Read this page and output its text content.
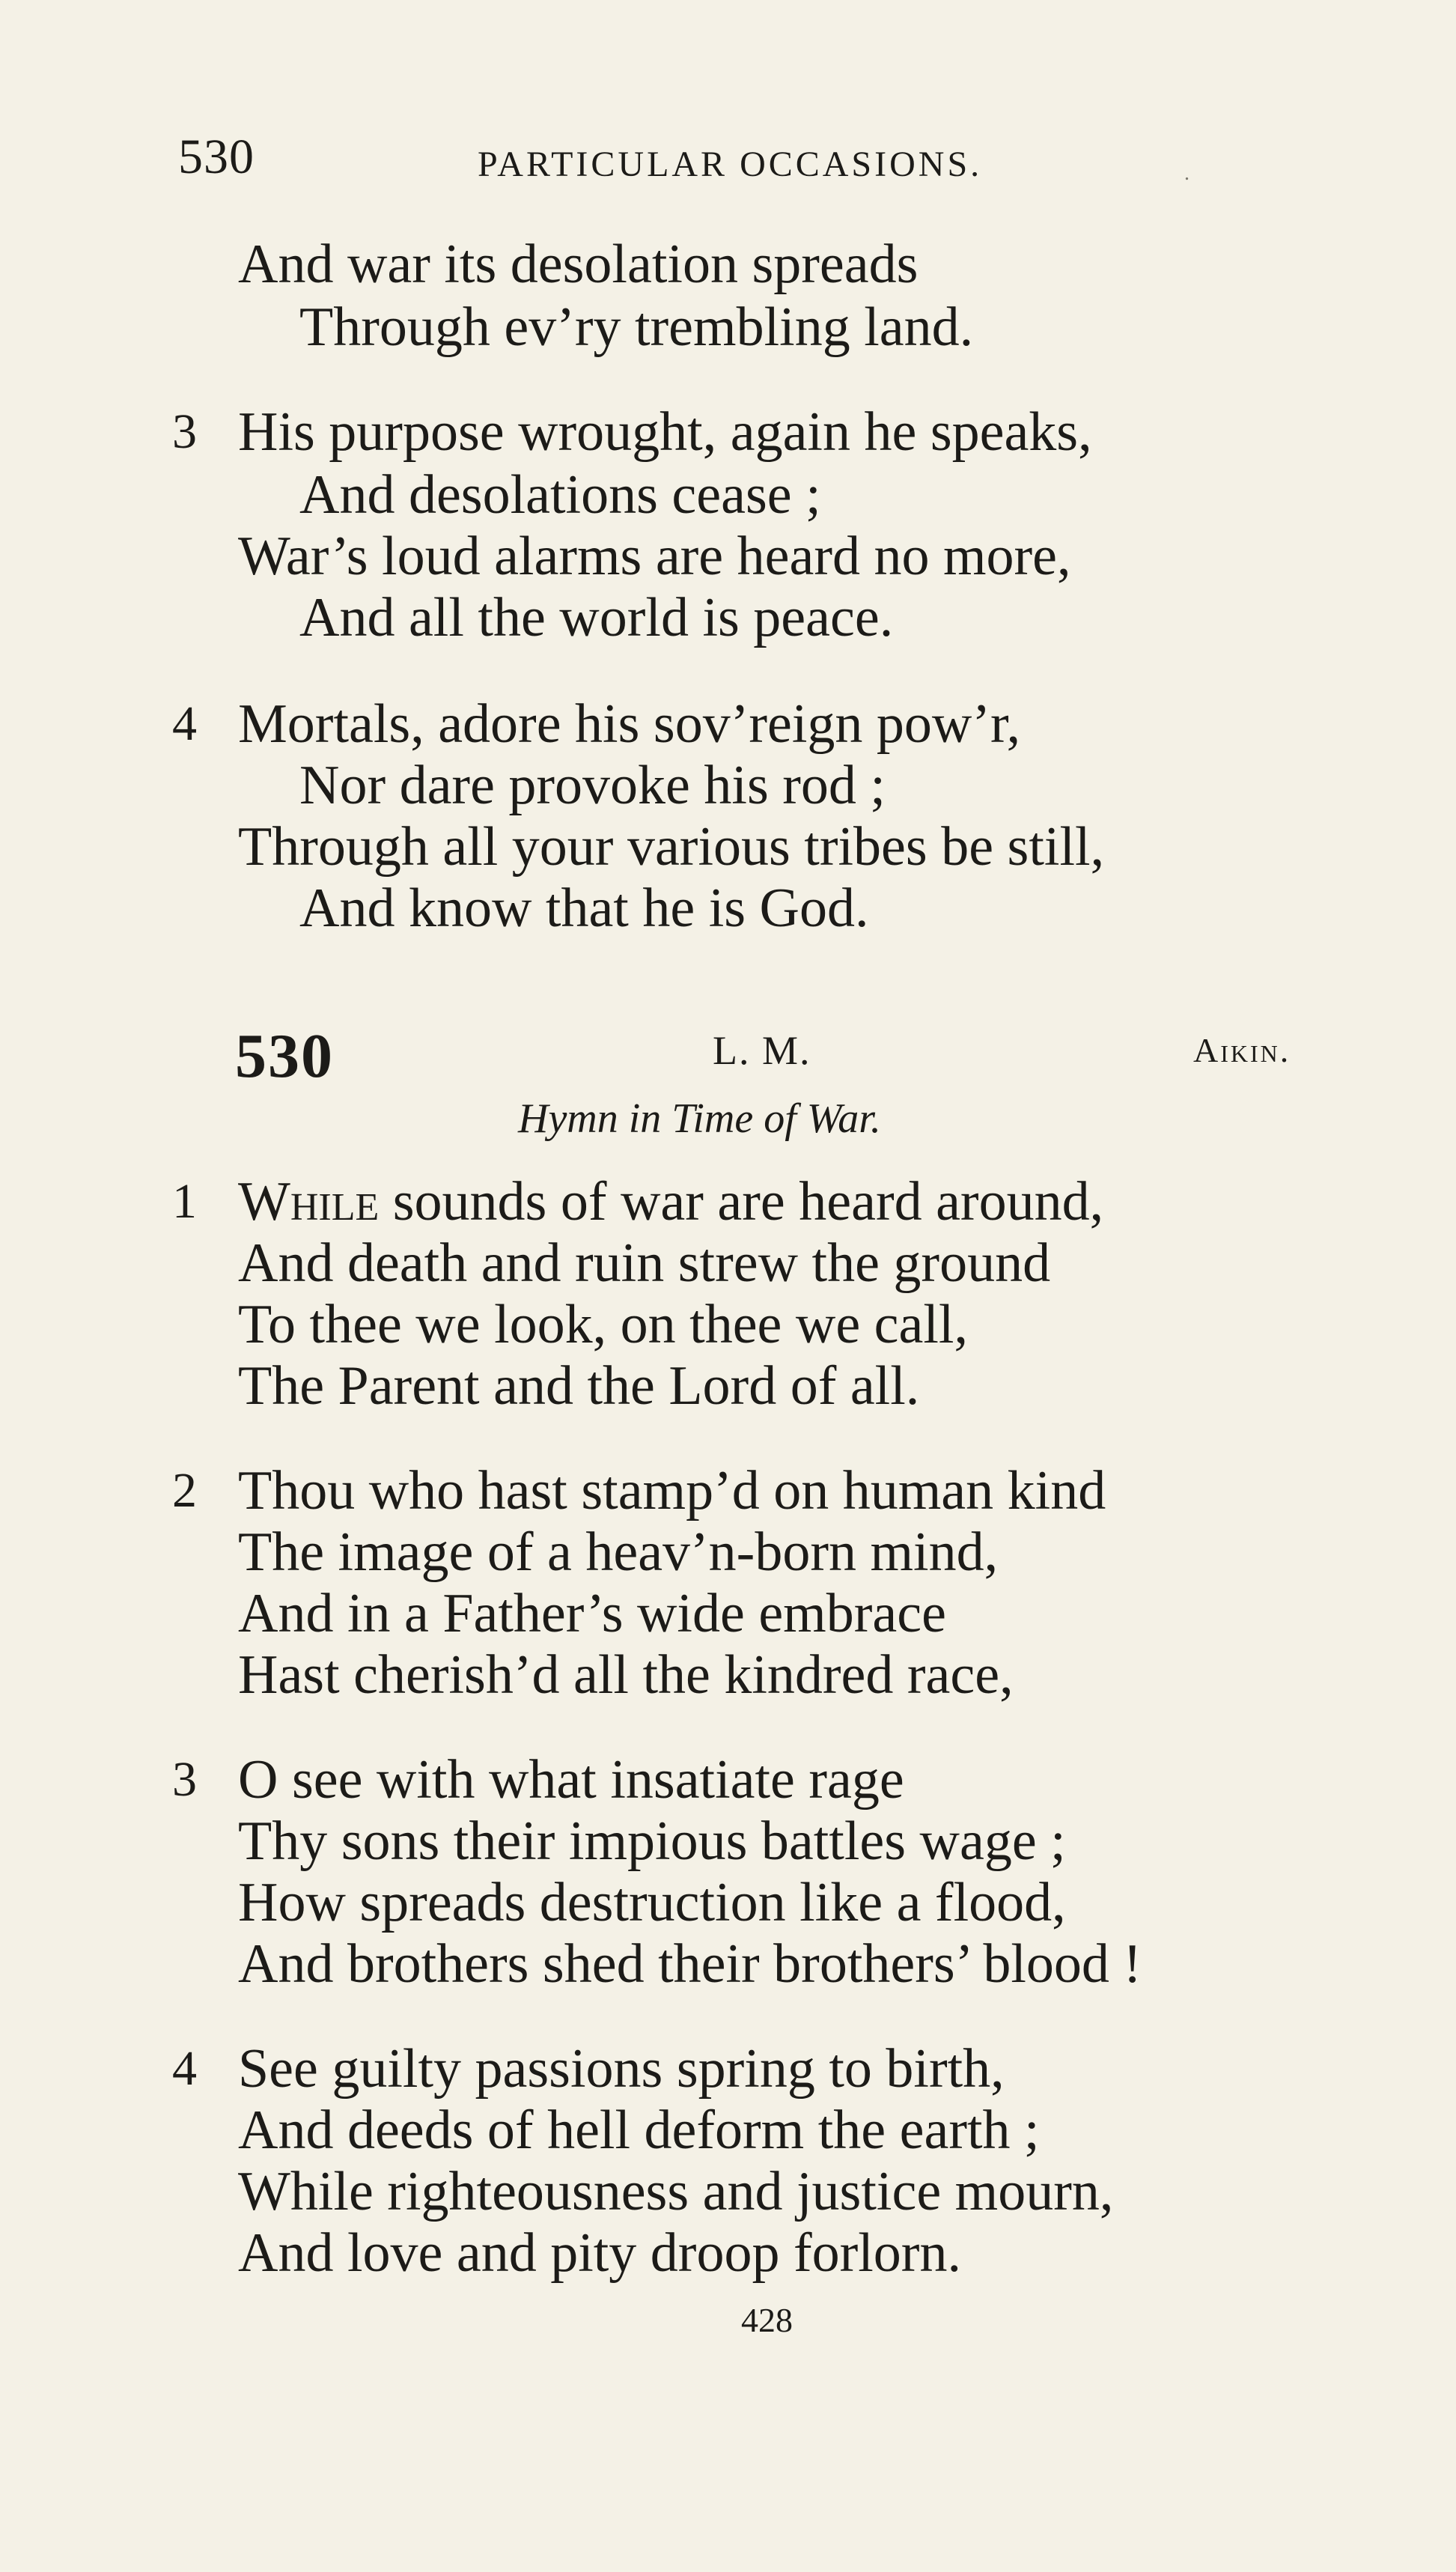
530	PARTICULAR OCCASIONS.	.
And war its desolation spreads
Through ev’ry trembling land.
3 His purpose wrought, again he speaks,
And desolations cease ;
War’s loud alarms are heard no more,
And all the world is peace.
4 Mortals, adore his sov’reign pow’r,
Nor dare provoke his rod ;
Through all your various tribes be still,
And know that he is God.
530	L. M.	Aikin.
Hymn in Time of War.
1 While sounds of war are heard around,
And death and ruin strew the ground
To thee we look, on thee we call,
The Parent and the Lord of all.
2 Thou who hast stamp’d on human kind
The image of a heav’n-born mind,
And in a Father’s wide embrace
Hast cherish’d all the kindred race,
3 O see with what insatiate rage
Thy sons their impious battles wage ;
How spreads destruction like a flood,
And brothers shed their brothers’ blood !
4 See guilty passions spring to birth,
And deeds of hell deform the earth ;
While righteousness and justice mourn,
And love and pity droop forlorn.
428
